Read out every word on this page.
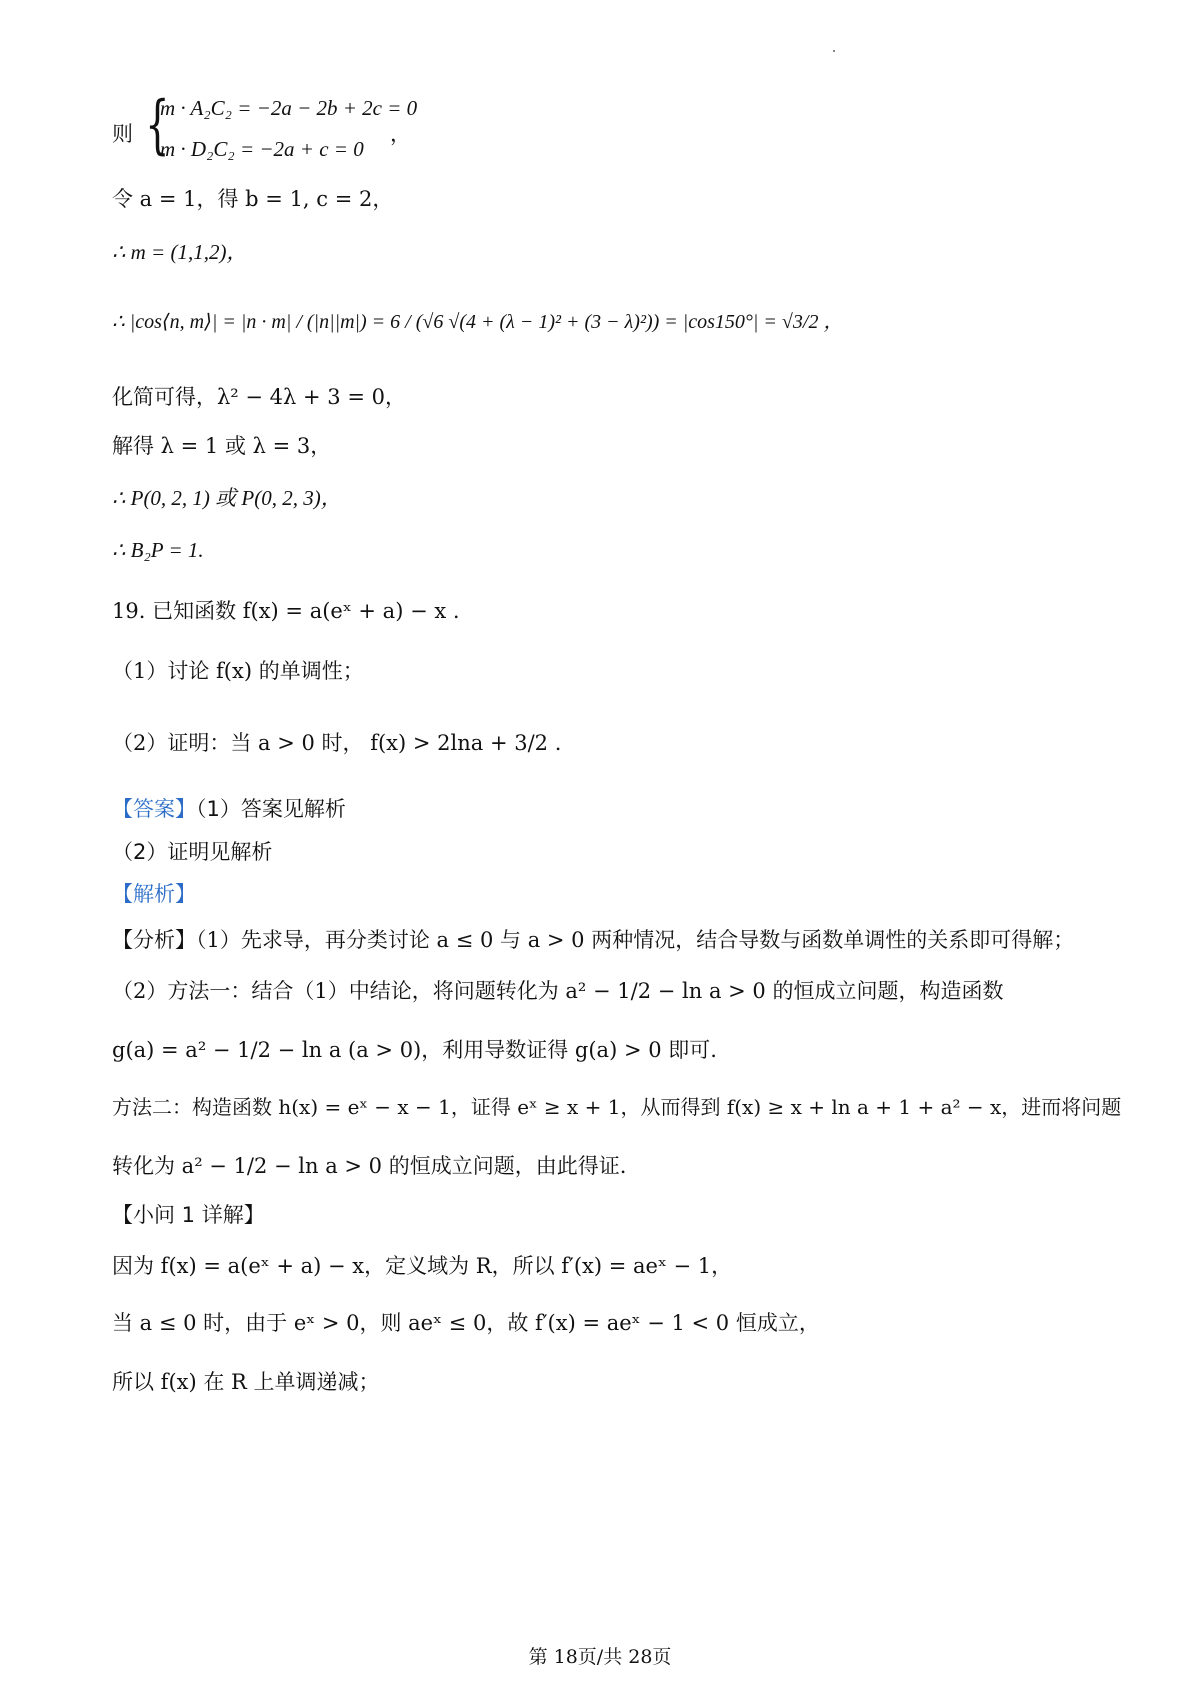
则 {
m · A₂C₂ = −2a − 2b + 2c = 0
m · D₂C₂ = −2a + c = 0
，
令 a = 1，得 b = 1, c = 2，
∴ m = (1,1,2)，
∴ |cos⟨n, m⟩| = |n · m| / (|n||m|) = 6 / (√6 √(4 + (λ − 1)² + (3 − λ)²)) = |cos150°| = √3/2 ，
化简可得，λ² − 4λ + 3 = 0，
解得 λ = 1 或 λ = 3，
∴ P(0, 2, 1) 或 P(0, 2, 3)，
∴ B₂P = 1.
19. 已知函数 f(x) = a(eˣ + a) − x .
（1）讨论 f(x) 的单调性；
（2）证明：当 a > 0 时， f(x) > 2lna + 3/2 .
【答案】（1）答案见解析
（2）证明见解析
【解析】
【分析】（1）先求导，再分类讨论 a ≤ 0 与 a > 0 两种情况，结合导数与函数单调性的关系即可得解；
（2）方法一：结合（1）中结论，将问题转化为 a² − 1/2 − ln a > 0 的恒成立问题，构造函数
g(a) = a² − 1/2 − ln a (a > 0)，利用导数证得 g(a) > 0 即可.
方法二：构造函数 h(x) = eˣ − x − 1，证得 eˣ ≥ x + 1，从而得到 f(x) ≥ x + ln a + 1 + a² − x，进而将问题
转化为 a² − 1/2 − ln a > 0 的恒成立问题，由此得证.
【小问 1 详解】
因为 f(x) = a(eˣ + a) − x，定义域为 R，所以 f′(x) = aeˣ − 1，
当 a ≤ 0 时，由于 eˣ > 0，则 aeˣ ≤ 0，故 f′(x) = aeˣ − 1 < 0 恒成立，
所以 f(x) 在 R 上单调递减；
第 18页/共 28页
